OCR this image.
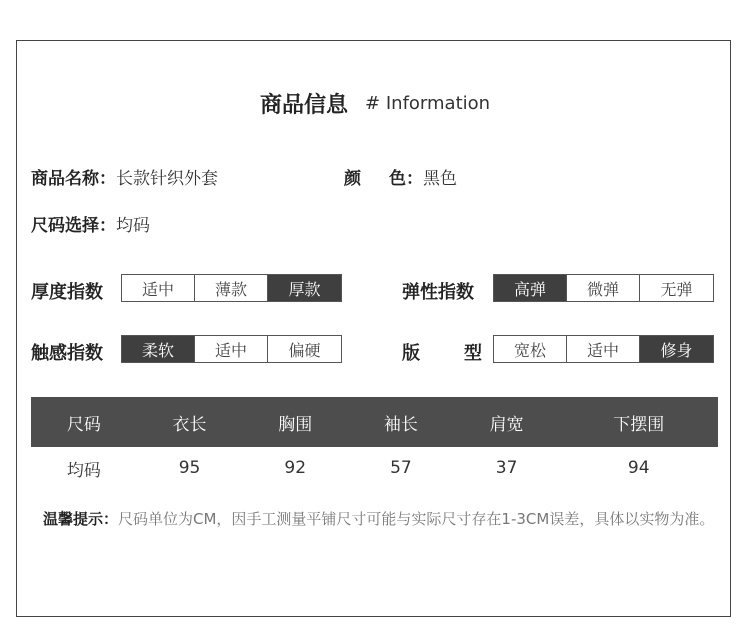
商品信息 # Information
商品名称：长款针织外套	颜 色：黑色
尺码选择：均码
厚度指数	适中	薄款	厚款	弹性指数	高弹	微弹	无弹
触感指数	柔软	适中	偏硬	版 型	宽松	适中	修身
尺码	衣长	胸围	袖长	肩宽	下摆围
均码	95	92	57	37	94
温馨提示： 尺码单位为CM，因手工测量平铺尺寸可能与实际尺寸存在1-3CM误差，具体以实物为准。
